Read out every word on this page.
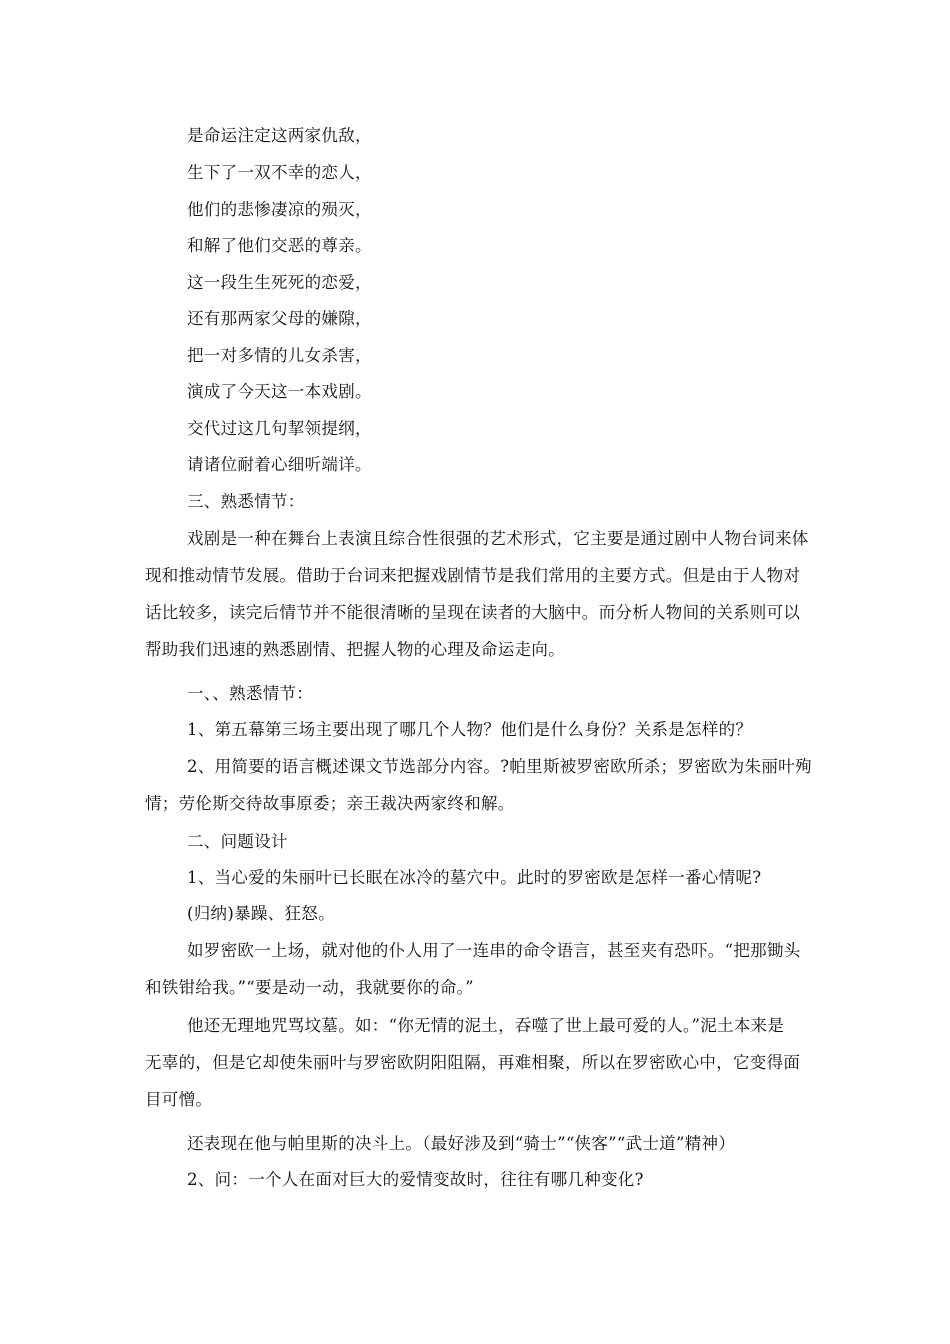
是命运注定这两家仇敌，
生下了一双不幸的恋人，
他们的悲惨凄凉的殒灭，
和解了他们交恶的尊亲。
这一段生生死死的恋爱，
还有那两家父母的嫌隙，
把一对多情的儿女杀害，
演成了今天这一本戏剧。
交代过这几句挈领提纲，
请诸位耐着心细听端详。
三、熟悉情节：
戏剧是一种在舞台上表演且综合性很强的艺术形式，它主要是通过剧中人物台词来体
现和推动情节发展。借助于台词来把握戏剧情节是我们常用的主要方式。但是由于人物对
话比较多，读完后情节并不能很清晰的呈现在读者的大脑中。而分析人物间的关系则可以
帮助我们迅速的熟悉剧情、把握人物的心理及命运走向。
一、、熟悉情节：
1、第五幕第三场主要出现了哪几个人物？他们是什么身份？关系是怎样的？
2、用简要的语言概述课文节选部分内容。?帕里斯被罗密欧所杀；罗密欧为朱丽叶殉
情；劳伦斯交待故事原委；亲王裁决两家终和解。
二、问题设计
1、当心爱的朱丽叶已长眠在冰冷的墓穴中。此时的罗密欧是怎样一番心情呢?
(归纳)暴躁、狂怒。
如罗密欧一上场，就对他的仆人用了一连串的命令语言，甚至夹有恐吓。“把那锄头
和铁钳给我。”“要是动一动，我就要你的命。”
他还无理地咒骂坟墓。如：“你无情的泥土，吞噬了世上最可爱的人。”泥土本来是
无辜的，但是它却使朱丽叶与罗密欧阴阳阻隔，再难相聚，所以在罗密欧心中，它变得面
目可憎。
还表现在他与帕里斯的决斗上。（最好涉及到“骑士”“侠客”“武士道”精神）
2、问：一个人在面对巨大的爱情变故时，往往有哪几种变化?
